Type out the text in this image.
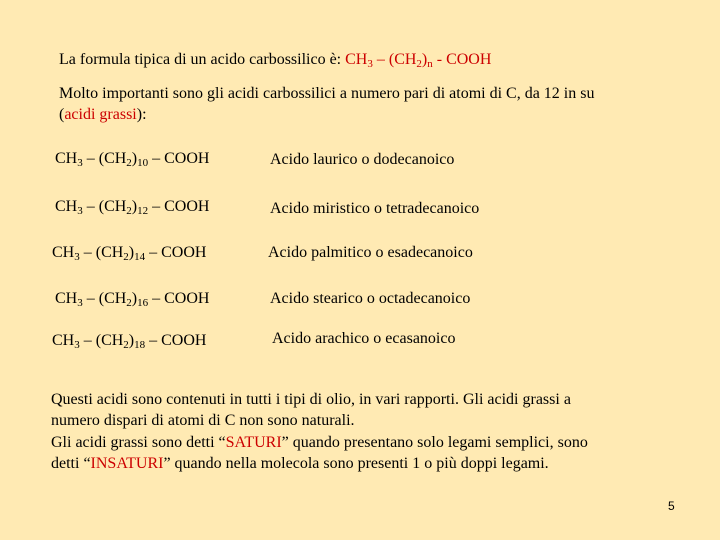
La formula tipica di un acido carbossilico è: $CH_3 - (CH_2)_n$ - COOH
Molto importanti sono gli acidi carbossilici a numero pari di atomi di C, da 12 in su
(acidi grassi):
$CH_3 - (CH_2)_{10}$ – COOH	Acido laurico o dodecanoico
$CH_3 - (CH_2)_{12}$ – COOH	Acido miristico o tetradecanoico
$CH_3 - (CH_2)_{14}$ – COOH	Acido palmitico o esadecanoico
$CH_3 - (CH_2)_{16}$ – COOH	Acido stearico o octadecanoico
$CH_3 - (CH_2)_{18}$ – COOH	Acido arachico o ecasanoico
Questi acidi sono contenuti in tutti i tipi di olio, in vari rapporti. Gli acidi grassi a
numero dispari di atomi di C non sono naturali.
Gli acidi grassi sono detti “SATURI” quando presentano solo legami semplici, sono
detti “INSATURI” quando nella molecola sono presenti 1 o più doppi legami.
5
